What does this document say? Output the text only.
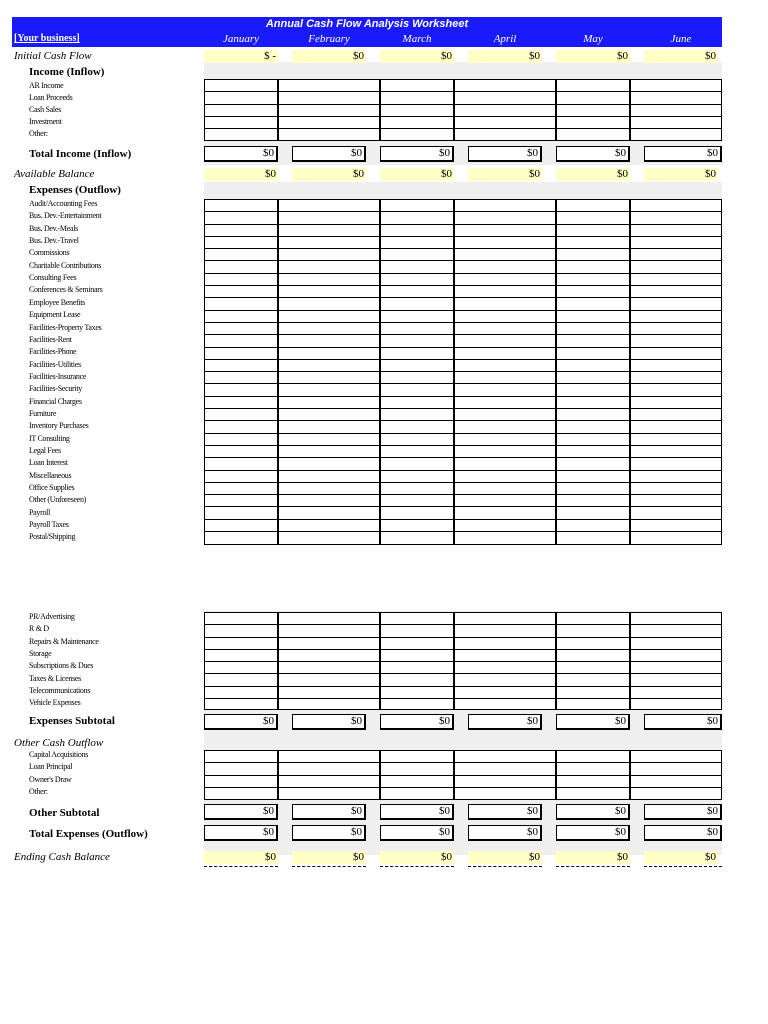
Annual Cash Flow Analysis Worksheet
[Your business]	January	February	March	April	May	June
Initial Cash Flow	$ -	$0	$0	$0	$0	$0
Income (Inflow)
AR Income
Loan Proceeds
Cash Sales
Investment
Other:
Total Income (Inflow)	$0	$0	$0	$0	$0	$0
Available Balance	$0	$0	$0	$0	$0	$0
Expenses (Outflow)
Audit/Accounting Fees
Bus. Dev.-Entertainment
Bus. Dev.-Meals
Bus. Dev.-Travel
Commissions
Charitable Contributions
Consulting Fees
Conferences & Seminars
Employee Benefits
Equipment Lease
Facilities-Property Taxes
Facilities-Rent
Facilities-Phone
Facilities-Utilities
Facilities-Insurance
Facilities-Security
Financial Charges
Furniture
Inventory Purchases
IT Consulting
Legal Fees
Loan Interest
Miscellaneous
Office Supplies
Other (Unforeseen)
Payroll
Payroll Taxes
Postal/Shipping
PR/Advertising
R & D
Repairs & Maintenance
Storage
Subscriptions & Dues
Taxes & Licenses
Telecommunications
Vehicle Expenses
Expenses Subtotal	$0	$0	$0	$0	$0	$0
Other Cash Outflow
Capital Acquisitions
Loan Principal
Owner's Draw
Other:
Other Subtotal	$0	$0	$0	$0	$0	$0
Total Expenses (Outflow)	$0	$0	$0	$0	$0	$0
Ending Cash Balance	$0	$0	$0	$0	$0	$0
